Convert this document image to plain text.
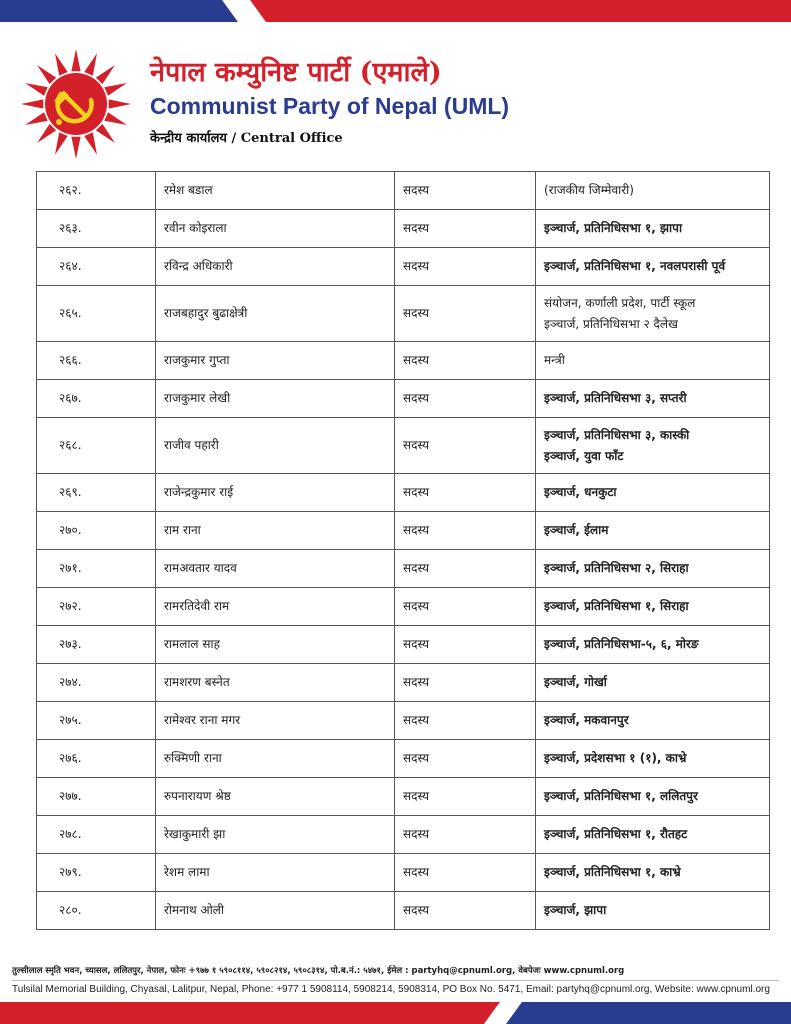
नेपाल कम्युनिष्ट पार्टी (एमाले)
Communist Party of Nepal (UML)
केन्द्रीय कार्यालय / Central Office
२६२.	रमेश बडाल	सदस्य	(राजकीय जिम्मेवारी)

२६३.	रवीन कोइराला	सदस्य	इञ्चार्ज, प्रतिनिधिसभा १, झापा

२६४.	रविन्द्र अधिकारी	सदस्य	इञ्चार्ज, प्रतिनिधिसभा १, नवलपरासी पूर्व

२६५.	राजबहादुर बुढाक्षेत्री	सदस्य	संयोजन, कर्णाली प्रदेश, पार्टी स्कूल
इञ्चार्ज, प्रतिनिधिसभा २ दैलेख

२६६.	राजकुमार गुप्ता	सदस्य	मन्त्री

२६७.	राजकुमार लेखी	सदस्य	इञ्चार्ज, प्रतिनिधिसभा ३, सप्तरी

२६८.	राजीव पहारी	सदस्य	इञ्चार्ज, प्रतिनिधिसभा ३, कास्की
इञ्चार्ज, युवा फाँट

२६९.	राजेन्द्रकुमार राई	सदस्य	इञ्चार्ज, धनकुटा

२७०.	राम राना	सदस्य	इञ्चार्ज, ईलाम

२७१.	रामअवतार यादव	सदस्य	इञ्चार्ज, प्रतिनिधिसभा २, सिराहा

२७२.	रामरतिदेवी राम	सदस्य	इञ्चार्ज, प्रतिनिधिसभा १, सिराहा

२७३.	रामलाल साह	सदस्य	इञ्चार्ज, प्रतिनिधिसभा-५, ६, मोरङ

२७४.	रामशरण बस्नेत	सदस्य	इञ्चार्ज, गोर्खा

२७५.	रामेश्वर राना मगर	सदस्य	इञ्चार्ज, मकवानपुर

२७६.	रुक्मिणी राना	सदस्य	इञ्चार्ज, प्रदेशसभा १ (१), काभ्रे

२७७.	रुपनारायण श्रेष्ठ	सदस्य	इञ्चार्ज, प्रतिनिधिसभा १, ललितपुर

२७८.	रेखाकुमारी झा	सदस्य	इञ्चार्ज, प्रतिनिधिसभा १, रौतहट

२७९.	रेशम लामा	सदस्य	इञ्चार्ज, प्रतिनिधिसभा १, काभ्रे

२८०.	रोमनाथ ओली	सदस्य	इञ्चार्ज, झापा
तुल्सीलाल स्मृति भवन, च्यासल, ललितपुर, नेपाल, फोनः +९७७ १ ५९०८११४, ५९०८२१४, ५९०८३१४, पो.ब.नं.: ५४७१, ईमेल : partyhq@cpnuml.org, वेबपेजः www.cpnuml.org
Tulsilal Memorial Building, Chyasal, Lalitpur, Nepal, Phone: +977 1 5908114, 5908214, 5908314, PO Box No. 5471, Email: partyhq@cpnuml.org, Website: www.cpnuml.org
